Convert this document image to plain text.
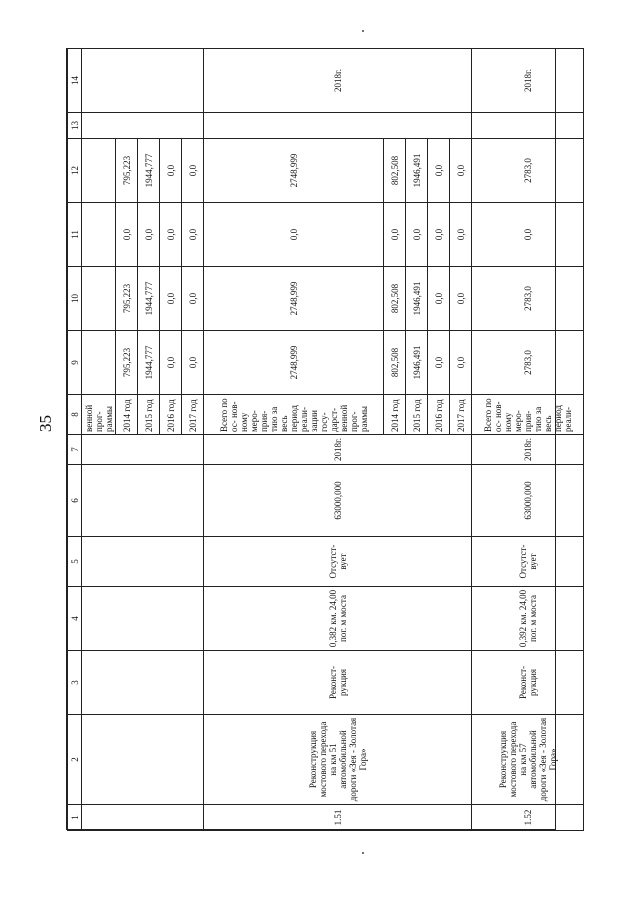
35
1	2	3	4	5	6	7	8	9	10	11	12	13	14
							венной прог- раммы						
							2014 год	795,223	795,223	0,0	795,223		
							2015 год	1944,777	1944,777	0,0	1944,777		
							2016 год	0,0	0,0	0,0	0,0		
							2017 год	0,0	0,0	0,0	0,0		
1.51	Реконструкция мостового перехода на км 51 автомобильной дороги «Зея - Золотая Гора»	Реконст- рукция	0,382 км. 24,00 пог. м моста	Отсутст- вует	63000,000	2018г.	Всего по ос- нов- ному меро- прия- тию за весь период реали- зации госу- дарст- венной прог- раммы	2748,999	2748,999	0,0	2748,999		2018г.
							2014 год	802,508	802,508	0,0	802,508		
							2015 год	1946,491	1946,491	0,0	1946,491		
							2016 год	0,0	0,0	0,0	0,0		
							2017 год	0,0	0,0	0,0	0,0		
1.52	Реконструкция мостового перехода на км 57 автомобильной дороги «Зея - Золотая Гора»	Реконст- рукция	0,392 км. 24,00 пог. м моста	Отсутст- вует	63000,000	2018г.	Всего по ос- нов- ному меро- прия- тию за весь период реали-	2783,0	2783,0	0,0	2783,0		2018г.
